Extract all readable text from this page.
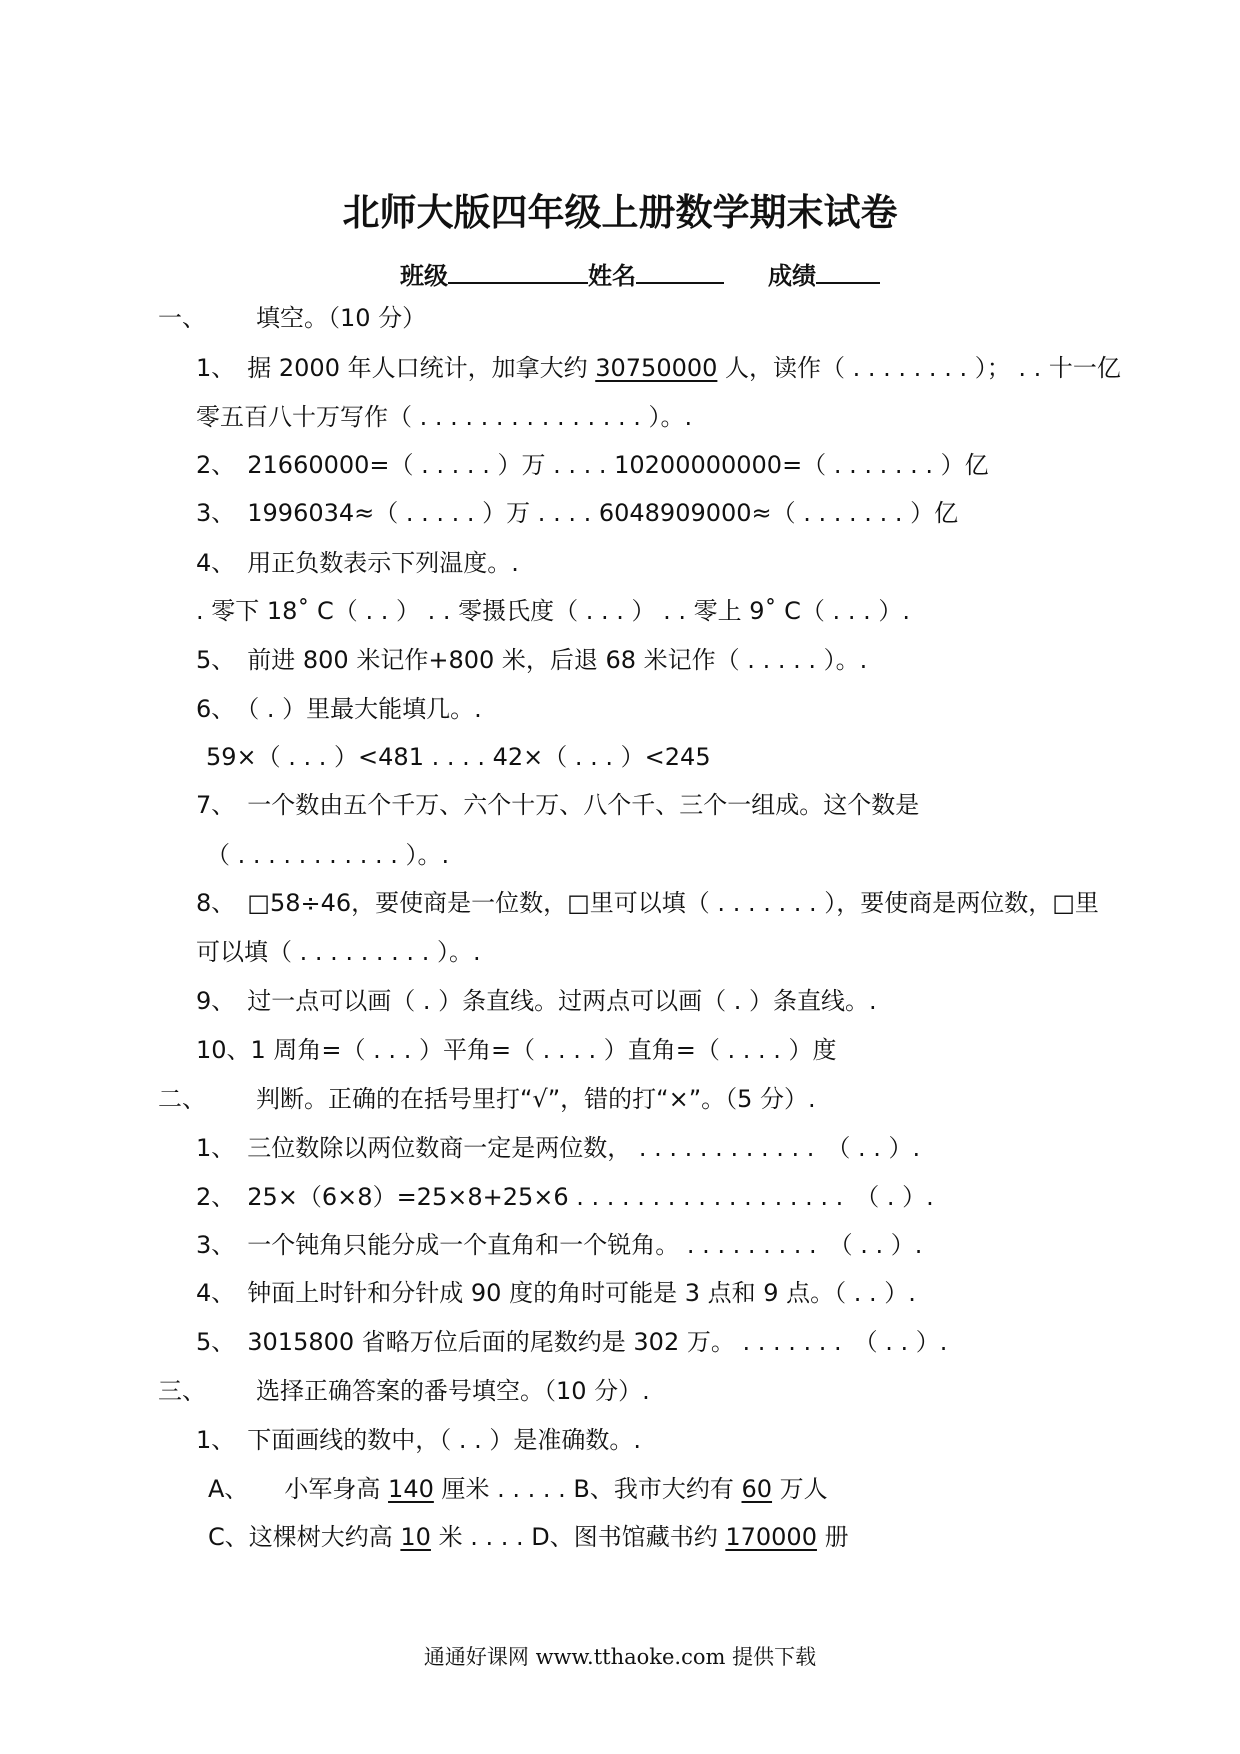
北师大版四年级上册数学期末试卷
班级	姓名	成绩
一、 填空。（10 分）
1、　据 2000 年人口统计，加拿大约 30750000 人，读作（ . . . . . . . . ）； . . 十一亿
零五百八十万写作（ . . . . . . . . . . . . . . . ）。.
2、　21660000=（ . . . . . ）万 . . . . 10200000000=（ . . . . . . . ）亿
3、　1996034≈（ . . . . . ）万 . . . . 6048909000≈（ . . . . . . . ）亿
4、　用正负数表示下列温度。.
. 零下 18˚ C（ . . ） . . 零摄氏度（ . . . ） . . 零上 9˚ C（ . . . ）.
5、　前进 800 米记作+800 米，后退 68 米记作（ . . . . . ）。.
6、　（ . ）里最大能填几。.
59×（ . . . ）<481 . . . . 42×（ . . . ）<245
7、　一个数由五个千万、六个十万、八个千、三个一组成。这个数是
（ . . . . . . . . . . . ）。.
8、　□58÷46，要使商是一位数，□里可以填（ . . . . . . . ），要使商是两位数，□里
可以填（ . . . . . . . . . ）。.
9、　过一点可以画（ . ）条直线。过两点可以画（ . ）条直线。.
10、1 周角=（ . . . ）平角=（ . . . . ）直角=（ . . . . ）度
二、 判断。正确的在括号里打“√”，错的打“×”。（5 分）.
1、　三位数除以两位数商一定是两位数， . . . . . . . . . . . .　（ . . ）.
2、　25×（6×8）=25×8+25×6 . . . . . . . . . . . . . . . . . .　（ . ）.
3、　一个钝角只能分成一个直角和一个锐角。 . . . . . . . . .　（ . . ）.
4、　钟面上时针和分针成 90 度的角时可能是 3 点和 9 点。（ . . ）.
5、　3015800 省略万位后面的尾数约是 302 万。 . . . . . . .　（ . . ）.
三、 选择正确答案的番号填空。（10 分）.
1、　下面画线的数中，（ . . ）是准确数。.
A、　　小军身高 140 厘米 . . . . . B、我市大约有 60 万人
C、这棵树大约高 10 米 . . . . D、图书馆藏书约 170000 册
通通好课网 www.tthaoke.com 提供下载
